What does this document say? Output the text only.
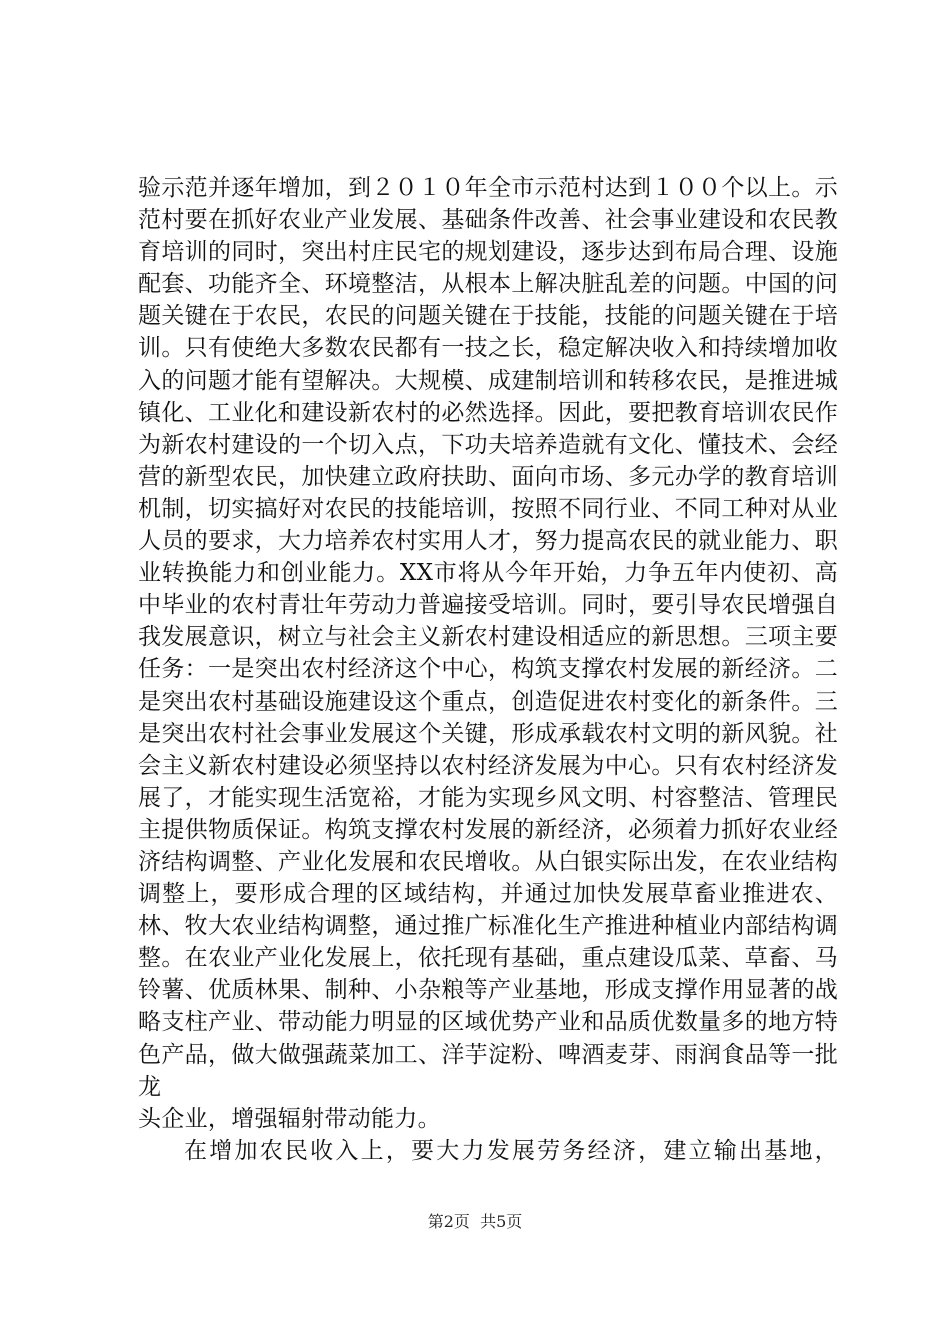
验示范并逐年增加，到２０１０年全市示范村达到１００个以上。示范村要在抓好农业产业发展、基础条件改善、社会事业建设和农民教育培训的同时，突出村庄民宅的规划建设，逐步达到布局合理、设施配套、功能齐全、环境整洁，从根本上解决脏乱差的问题。中国的问题关键在于农民，农民的问题关键在于技能，技能的问题关键在于培训。只有使绝大多数农民都有一技之长，稳定解决收入和持续增加收入的问题才能有望解决。大规模、成建制培训和转移农民，是推进城镇化、工业化和建设新农村的必然选择。因此，要把教育培训农民作为新农村建设的一个切入点，下功夫培养造就有文化、懂技术、会经营的新型农民，加快建立政府扶助、面向市场、多元办学的教育培训机制，切实搞好对农民的技能培训，按照不同行业、不同工种对从业人员的要求，大力培养农村实用人才，努力提高农民的就业能力、职业转换能力和创业能力。XX市将从今年开始，力争五年内使初、高中毕业的农村青壮年劳动力普遍接受培训。同时，要引导农民增强自我发展意识，树立与社会主义新农村建设相适应的新思想。三项主要任务：一是突出农村经济这个中心，构筑支撑农村发展的新经济。二是突出农村基础设施建设这个重点，创造促进农村变化的新条件。三是突出农村社会事业发展这个关键，形成承载农村文明的新风貌。社会主义新农村建设必须坚持以农村经济发展为中心。只有农村经济发展了，才能实现生活宽裕，才能为实现乡风文明、村容整洁、管理民主提供物质保证。构筑支撑农村发展的新经济，必须着力抓好农业经济结构调整、产业化发展和农民增收。从白银实际出发，在农业结构调整上，要形成合理的区域结构，并通过加快发展草畜业推进农、林、牧大农业结构调整，通过推广标准化生产推进种植业内部结构调整。在农业产业化发展上，依托现有基础，重点建设瓜菜、草畜、马铃薯、优质林果、制种、小杂粮等产业基地，形成支撑作用显著的战略支柱产业、带动能力明显的区域优势产业和品质优数量多的地方特色产品，做大做强蔬菜加工、洋芋淀粉、啤酒麦芽、雨润食品等一批龙
头企业，增强辐射带动能力。

在增加农民收入上，要大力发展劳务经济，建立输出基地，

第2页 共5页
